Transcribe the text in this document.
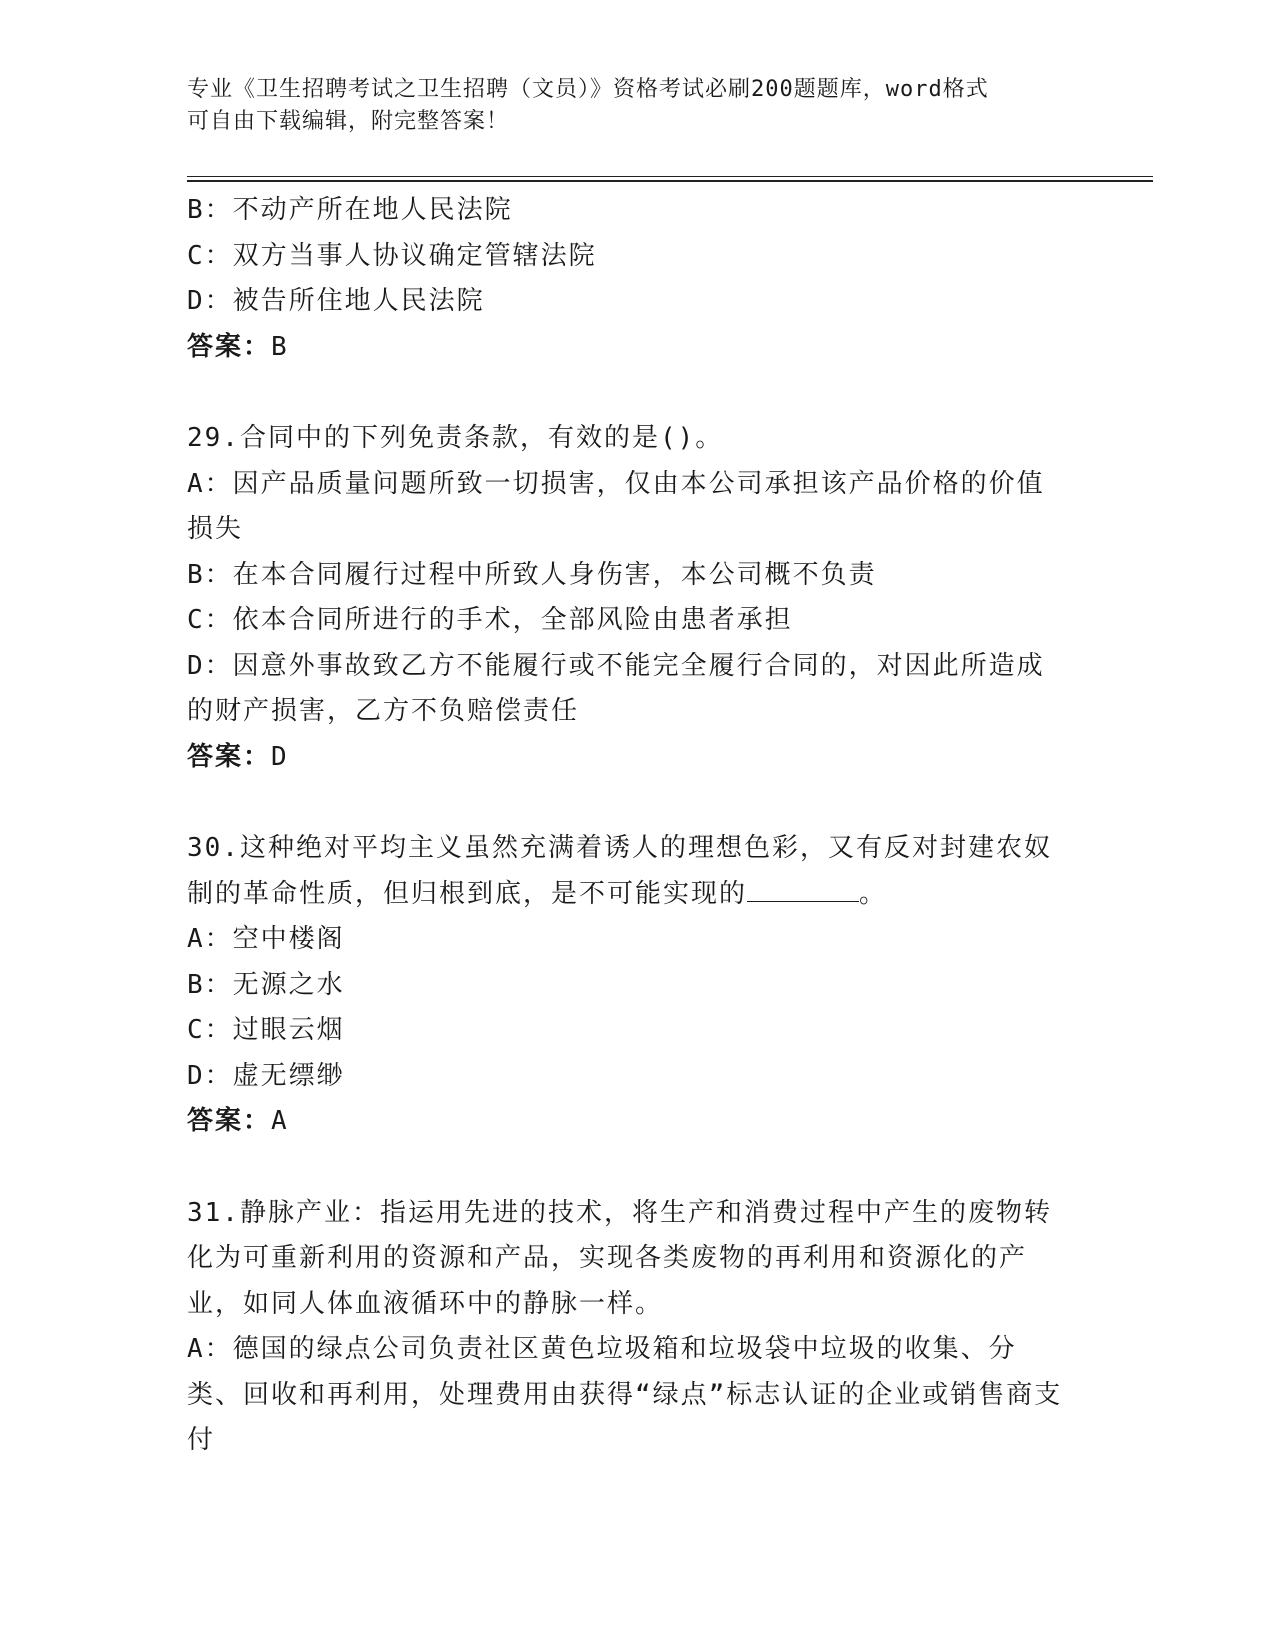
专业《卫生招聘考试之卫生招聘（文员）》资格考试必刷200题题库，word格式
可自由下载编辑，附完整答案！
B：不动产所在地人民法院
C：双方当事人协议确定管辖法院
D：被告所住地人民法院
答案：B
29.合同中的下列免责条款，有效的是()。
A：因产品质量问题所致一切损害，仅由本公司承担该产品价格的价值损失
B：在本合同履行过程中所致人身伤害，本公司概不负责
C：依本合同所进行的手术，全部风险由患者承担
D：因意外事故致乙方不能履行或不能完全履行合同的，对因此所造成的财产损害，乙方不负赔偿责任
答案：D
30.这种绝对平均主义虽然充满着诱人的理想色彩，又有反对封建农奴制的革命性质，但归根到底，是不可能实现的	。
A：空中楼阁
B：无源之水
C：过眼云烟
D：虚无缥缈
答案：A
31.静脉产业：指运用先进的技术，将生产和消费过程中产生的废物转化为可重新利用的资源和产品，实现各类废物的再利用和资源化的产业，如同人体血液循环中的静脉一样。
A：德国的绿点公司负责社区黄色垃圾箱和垃圾袋中垃圾的收集、分类、回收和再利用，处理费用由获得“绿点”标志认证的企业或销售商支付
